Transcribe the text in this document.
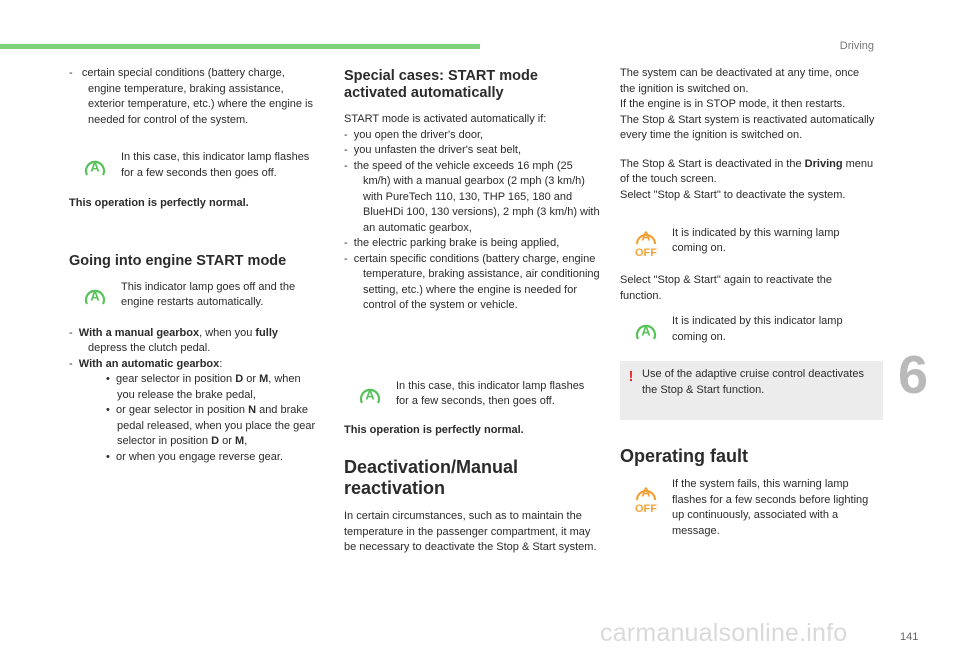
Driving

- certain special conditions (battery charge, engine temperature, braking assistance, exterior temperature, etc.) where the engine is needed for control of the system.

A

In this case, this indicator lamp flashes for a few seconds then goes off.

This operation is perfectly normal.

Going into engine START mode
A

This indicator lamp goes off and the engine restarts automatically.

- With a manual gearbox, when you fully depress the clutch pedal.
- With an automatic gearbox:
• gear selector in position D or M, when you release the brake pedal,
• or gear selector in position N and brake pedal released, when you place the gear selector in position D or M,
• or when you engage reverse gear.
Special cases: START mode activated automatically

START mode is activated automatically if:

- you open the driver's door,
- you unfasten the driver's seat belt,
- the speed of the vehicle exceeds 16 mph (25 km/h) with a manual gearbox (2 mph (3 km/h) with PureTech 110, 130, THP 165, 180 and BlueHDi 100, 130 versions), 2 mph (3 km/h) with an automatic gearbox,
- the electric parking brake is being applied,
- certain specific conditions (battery charge, engine temperature, braking assistance, air conditioning setting, etc.) where the engine is needed for control of the system or vehicle.
A

In this case, this indicator lamp flashes for a few seconds, then goes off.

This operation is perfectly normal.

Deactivation/Manual reactivation

In certain circumstances, such as to maintain the temperature in the passenger compartment, it may be necessary to deactivate the Stop & Start system.

The system can be deactivated at any time, once the ignition is switched on.

If the engine is in STOP mode, it then restarts.

The Stop & Start system is reactivated automatically every time the ignition is switched on.

The Stop & Start is deactivated in the Driving menu of the touch screen.

Select "Stop & Start" to deactivate the system.

A
OFF

It is indicated by this warning lamp coming on.

Select "Stop & Start" again to reactivate the function.

A

It is indicated by this indicator lamp coming on.

! Use of the adaptive cruise control deactivates the Stop & Start function.

Operating fault
A
OFF

If the system fails, this warning lamp flashes for a few seconds before lighting up continuously, associated with a message.

6
carmanualsonline.info	141
